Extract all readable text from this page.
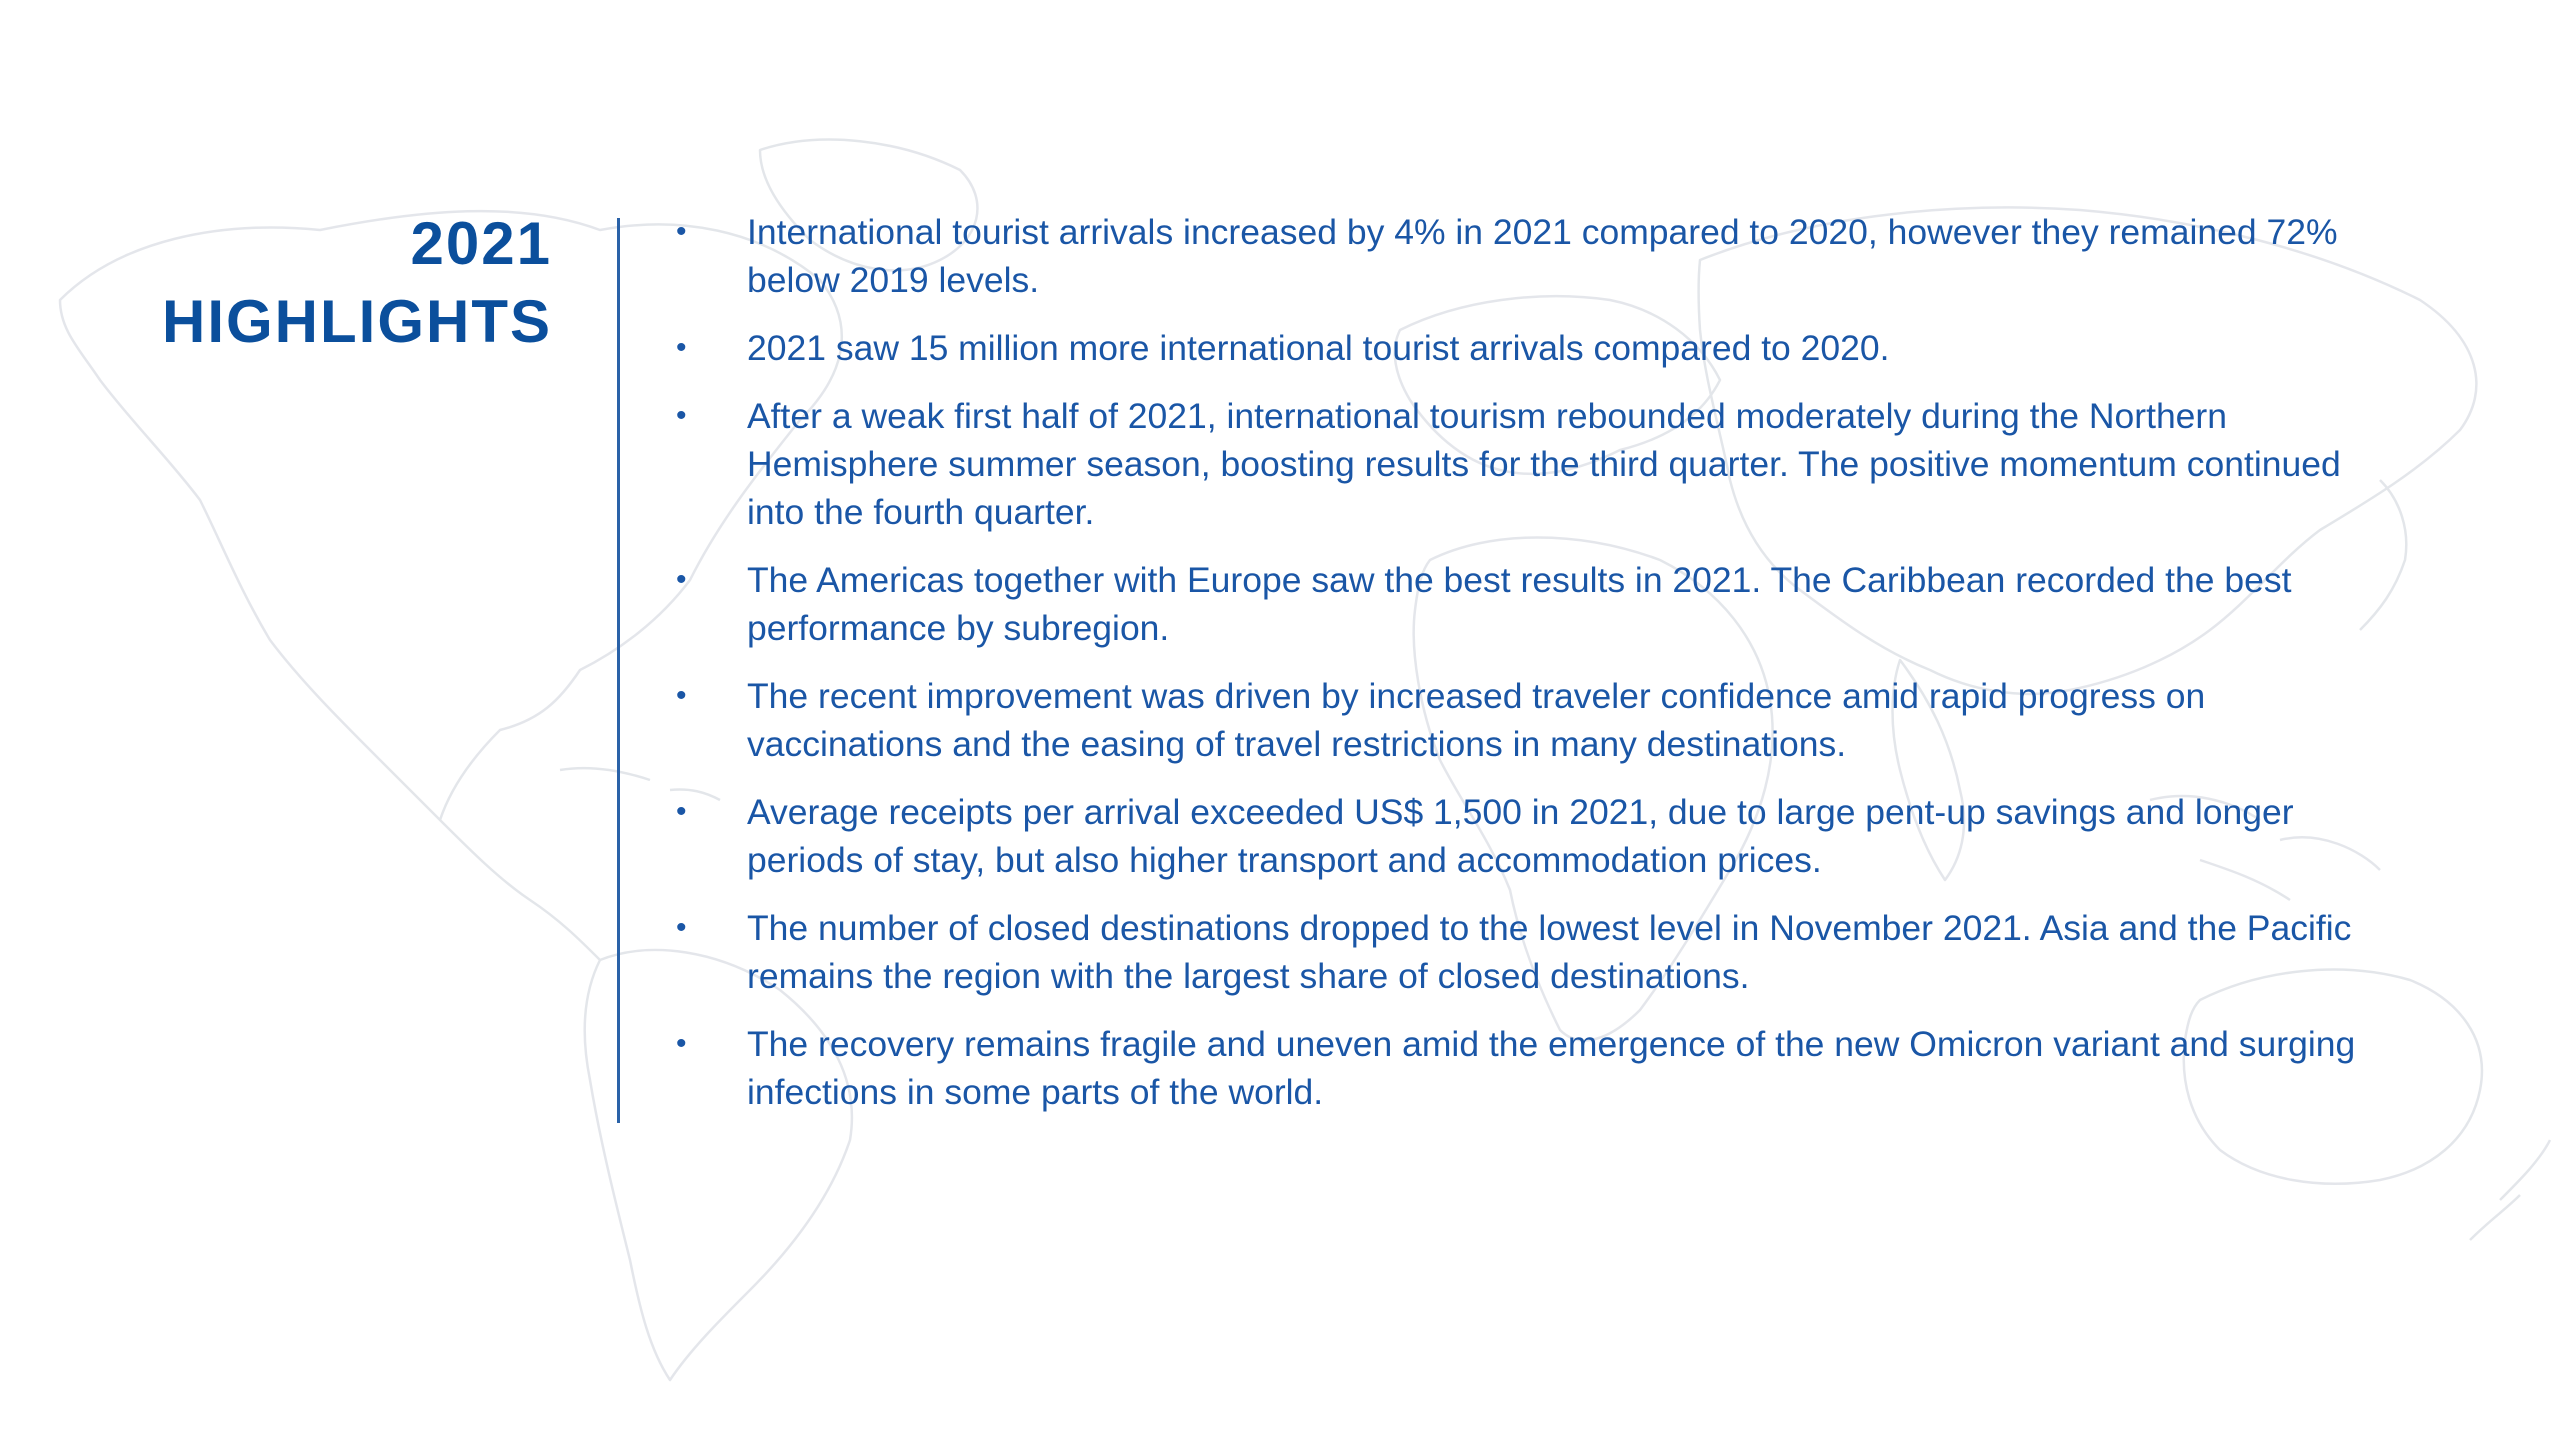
2021
HIGHLIGHTS
• International tourist arrivals increased by 4% in 2021 compared to 2020, however they remained 72% below 2019 levels.
• 2021 saw 15 million more international tourist arrivals compared to 2020.
• After a weak first half of 2021, international tourism rebounded moderately during the Northern Hemisphere summer season, boosting results for the third quarter. The positive momentum continued into the fourth quarter.
• The Americas together with Europe saw the best results in 2021. The Caribbean recorded the best performance by subregion.
• The recent improvement was driven by increased traveler confidence amid rapid progress on vaccinations and the easing of travel restrictions in many destinations.
• Average receipts per arrival exceeded US$ 1,500 in 2021, due to large pent-up savings and longer periods of stay, but also higher transport and accommodation prices.
• The number of closed destinations dropped to the lowest level in November 2021. Asia and the Pacific remains the region with the largest share of closed destinations.
• The recovery remains fragile and uneven amid the emergence of the new Omicron variant and surging infections in some parts of the world.
